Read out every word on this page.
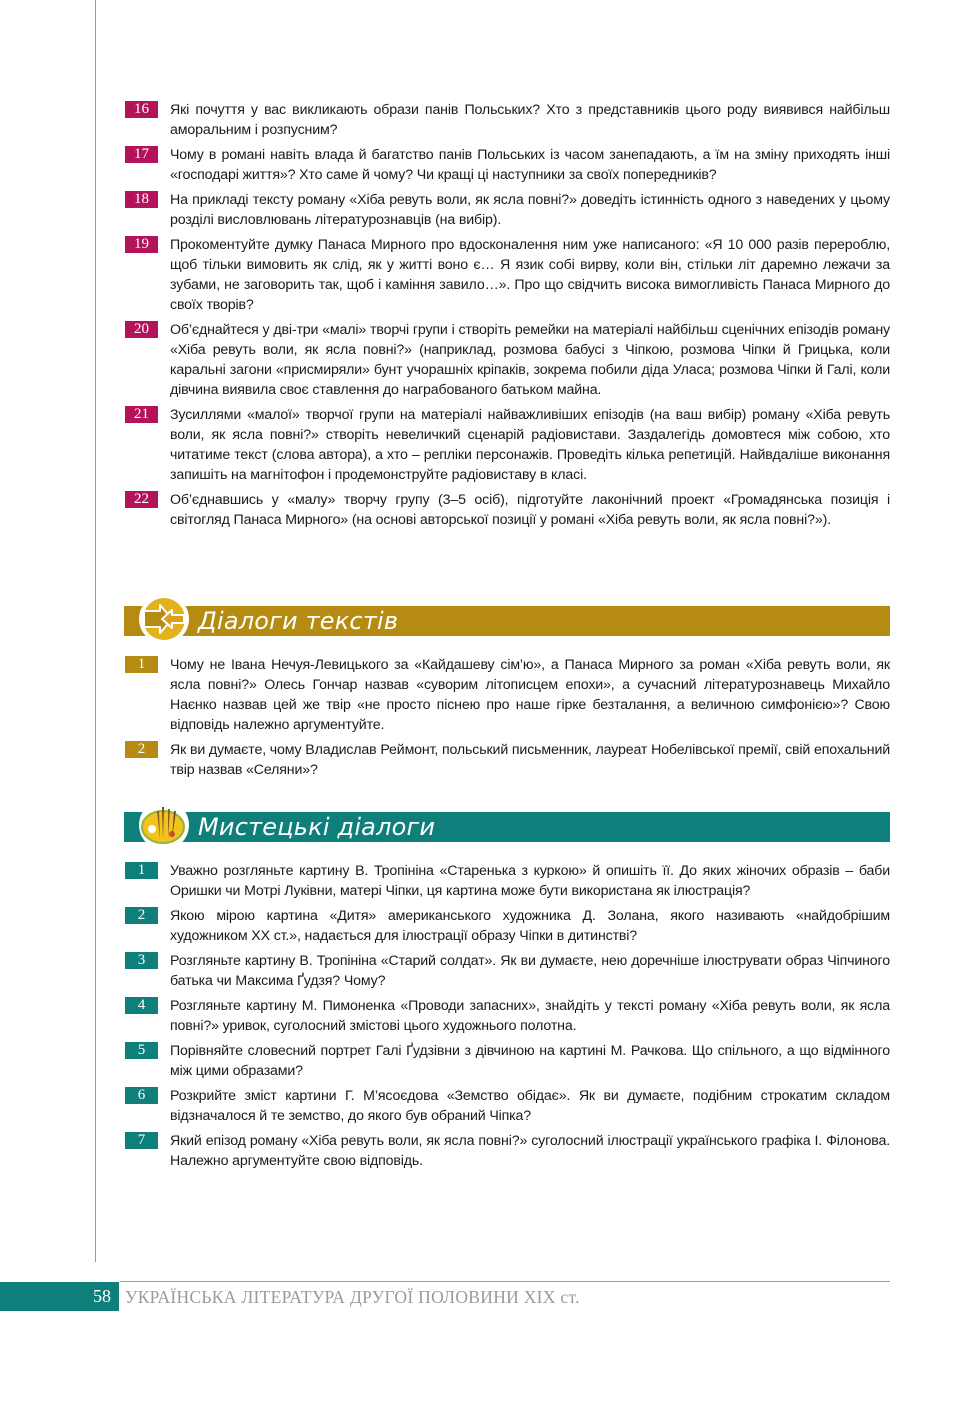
16	Які почуття у вас викликають образи панів Польських? Хто з представників цього роду виявився найбільш аморальним і розпусним?
17	Чому в романі навіть влада й багатство панів Польських із часом занепадають, а їм на зміну приходять інші «господарі життя»? Хто саме й чому? Чи кращі ці наступники за своїх попередників?
18	На прикладі тексту роману «Хіба ревуть воли, як ясла повні?» доведіть істинність одного з наведених у цьому розділі висловлювань літературознавців (на вибір).
19	Прокоментуйте думку Панаса Мирного про вдосконалення ним уже написаного: «Я 10 000 разів перероблю, щоб тільки вимовить як слід, як у житті воно є… Я язик собі вирву, коли він, стільки літ даремно лежачи за зубами, не заговорить так, щоб і каміння завило…». Про що свідчить висока вимогливість Панаса Мирного до своїх творів?
20	Об’єднайтеся у дві-три «малі» творчі групи і створіть ремейки на матеріалі найбільш сценічних епізодів роману «Хіба ревуть воли, як ясла повні?» (наприклад, розмова бабусі з Чіпкою, розмова Чіпки й Грицька, коли каральні загони «присмиряли» бунт учорашніх кріпаків, зокрема побили діда Уласа; розмова Чіпки й Галі, коли дівчина виявила своє ставлення до награбованого батьком майна.
21	Зусиллями «малої» творчої групи на матеріалі найважливіших епізодів (на ваш вибір) роману «Хіба ревуть воли, як ясла повні?» створіть невеличкий сценарій радіовистави. Заздалегідь домовтеся між собою, хто читатиме текст (слова автора), а хто – репліки персонажів. Проведіть кілька репетицій. Найвдаліше виконання запишіть на магнітофон і продемонструйте радіовиставу в класі.
22	Об’єднавшись у «малу» творчу групу (3–5 осіб), підготуйте лаконічний проект «Громадянська позиція і світогляд Панаса Мирного» (на основі авторської позиції у романі «Хіба ревуть воли, як ясла повні?»).
Діалоги текстів
1	Чому не Івана Нечуя-Левицького за «Кайдашеву сім’ю», а Панаса Мирного за роман «Хіба ревуть воли, як ясла повні?» Олесь Гончар назвав «суворим літописцем епохи», а сучасний літературознавець Михайло Наєнко назвав цей же твір «не просто піснею про наше гірке безталання, а величною симфонією»? Свою відповідь належно аргументуйте.
2	Як ви думаєте, чому Владислав Реймонт, польський письменник, лауреат Нобелівської премії, свій епохальний твір назвав «Селяни»?
Мистецькі діалоги
1	Уважно розгляньте картину В. Тропініна «Старенька з куркою» й опишіть її. До яких жіночих образів – баби Оришки чи Мотрі Луківни, матері Чіпки, ця картина може бути використана як ілюстрація?
2	Якою мірою картина «Дитя» американського художника Д. Золана, якого називають «найдобрішим художником XX ст.», надається для ілюстрації образу Чіпки в дитинстві?
3	Розгляньте картину В. Тропініна «Старий солдат». Як ви думаєте, нею доречніше ілюструвати образ Чіпчиного батька чи Максима Ґудзя? Чому?
4	Розгляньте картину М. Пимоненка «Проводи запасних», знайдіть у тексті роману «Хіба ревуть воли, як ясла повні?» уривок, суголосний змістові цього художнього полотна.
5	Порівняйте словесний портрет Галі Ґудзівни з дівчиною на картині М. Рачкова. Що спільного, а що відмінного між цими образами?
6	Розкрийте зміст картини Г. М’ясоєдова «Земство обідає». Як ви думаєте, подібним строкатим складом відзначалося й те земство, до якого був обраний Чіпка?
7	Який епізод роману «Хіба ревуть воли, як ясла повні?» суголосний ілюстрації українського графіка І. Філонова. Належно аргументуйте свою відповідь.
58 УКРАЇНСЬКА ЛІТЕРАТУРА ДРУГОЇ ПОЛОВИНИ ХІХ ст.
